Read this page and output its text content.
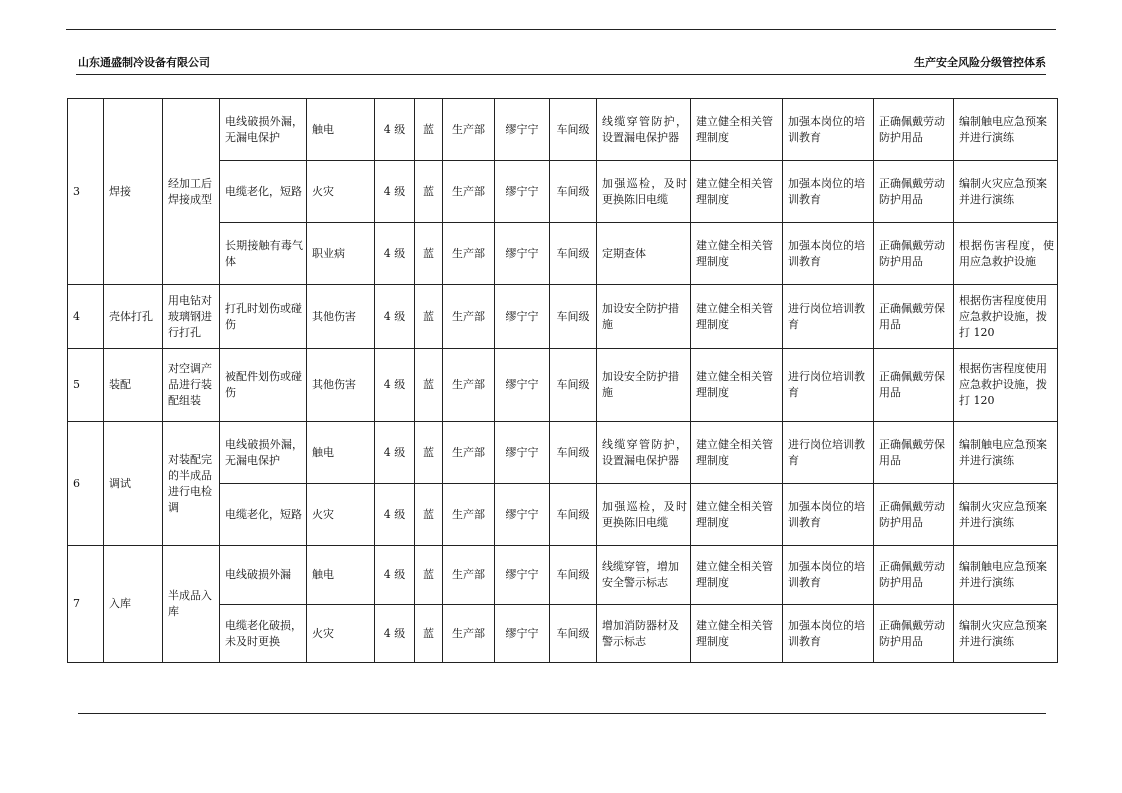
山东通盛制冷设备有限公司	生产安全风险分级管控体系
3	焊接	经加工后焊接成型	电线破损外漏，无漏电保护	触电	4 级	蓝	生产部	缪宁宁	车间级	线缆穿管防护，设置漏电保护器	建立健全相关管理制度	加强本岗位的培训教育	正确佩戴劳动防护用品	编制触电应急预案并进行演练
			电缆老化，短路	火灾	4 级	蓝	生产部	缪宁宁	车间级	加强巡检，及时更换陈旧电缆	建立健全相关管理制度	加强本岗位的培训教育	正确佩戴劳动防护用品	编制火灾应急预案并进行演练
			长期接触有毒气体	职业病	4 级	蓝	生产部	缪宁宁	车间级	定期查体	建立健全相关管理制度	加强本岗位的培训教育	正确佩戴劳动防护用品	根据伤害程度，使用应急救护设施
4	壳体打孔	用电钻对玻璃钢进行打孔	打孔时划伤或碰伤	其他伤害	4 级	蓝	生产部	缪宁宁	车间级	加设安全防护措施	建立健全相关管理制度	进行岗位培训教育	正确佩戴劳保用品	根据伤害程度使用应急救护设施，拨打 120
5	装配	对空调产品进行装配组装	被配件划伤或碰伤	其他伤害	4 级	蓝	生产部	缪宁宁	车间级	加设安全防护措施	建立健全相关管理制度	进行岗位培训教育	正确佩戴劳保用品	根据伤害程度使用应急救护设施，拨打 120
6	调试	对装配完的半成品进行电检调	电线破损外漏，无漏电保护	触电	4 级	蓝	生产部	缪宁宁	车间级	线缆穿管防护，设置漏电保护器	建立健全相关管理制度	进行岗位培训教育	正确佩戴劳保用品	编制触电应急预案并进行演练
			电缆老化，短路	火灾	4 级	蓝	生产部	缪宁宁	车间级	加强巡检，及时更换陈旧电缆	建立健全相关管理制度	加强本岗位的培训教育	正确佩戴劳动防护用品	编制火灾应急预案并进行演练
7	入库	半成品入库	电线破损外漏	触电	4 级	蓝	生产部	缪宁宁	车间级	线缆穿管，增加安全警示标志	建立健全相关管理制度	加强本岗位的培训教育	正确佩戴劳动防护用品	编制触电应急预案并进行演练
			电缆老化破损，未及时更换	火灾	4 级	蓝	生产部	缪宁宁	车间级	增加消防器材及警示标志	建立健全相关管理制度	加强本岗位的培训教育	正确佩戴劳动防护用品	编制火灾应急预案并进行演练
